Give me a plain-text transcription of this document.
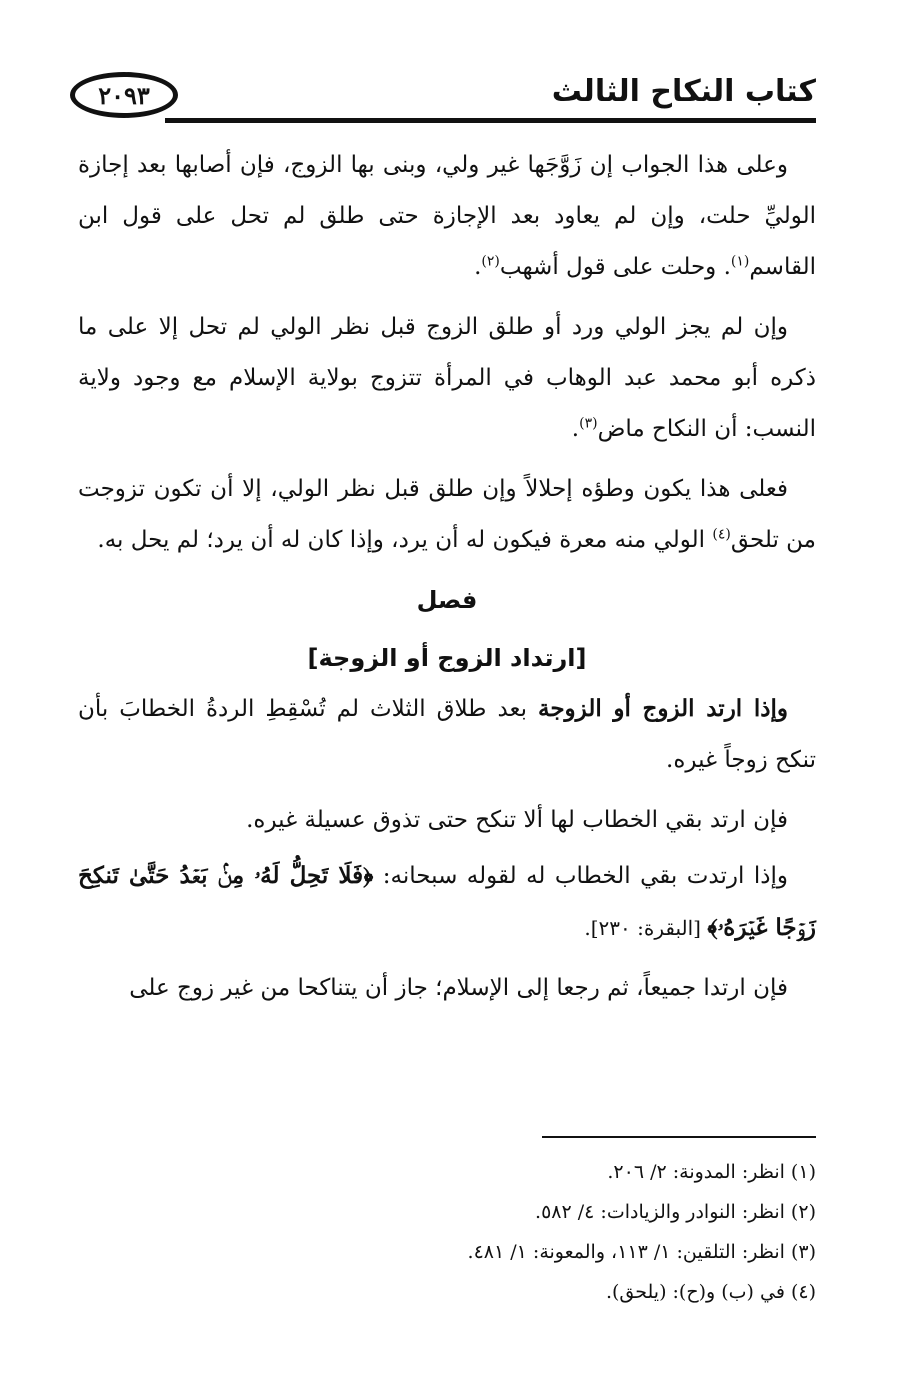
كتاب النكاح الثالث
٢٠٩٣

وعلى هذا الجواب إن زَوَّجَها غير ولي، وبنى بها الزوج، فإن أصابها بعد إجازة الوليِّ حلت، وإن لم يعاود بعد الإجازة حتى طلق لم تحل على قول ابن القاسم$^{(١)}$. وحلت على قول أشهب$^{(٢)}$.

وإن لم يجز الولي ورد أو طلق الزوج قبل نظر الولي لم تحل إلا على ما ذكره أبو محمد عبد الوهاب في المرأة تتزوج بولاية الإسلام مع وجود ولاية النسب: أن النكاح ماض$^{(٣)}$.

فعلى هذا يكون وطؤه إحلالاً وإن طلق قبل نظر الولي، إلا أن تكون تزوجت من تلحق$^{(٤)}$ الولي منه معرة فيكون له أن يرد، وإذا كان له أن يرد؛ لم يحل به.

فصل
[ارتداد الزوج أو الزوجة]

وإذا ارتد الزوج أو الزوجة بعد طلاق الثلاث لم تُسْقِطِ الردةُ الخطابَ بأن تنكح زوجاً غيره.

فإن ارتد بقي الخطاب لها ألا تنكح حتى تذوق عسيلة غيره.

وإذا ارتدت بقي الخطاب له لقوله سبحانه: ﴿فَلَا تَحِلُّ لَهُۥ مِنۢ بَعۡدُ حَتَّىٰ تَنكِحَ زَوۡجًا غَيۡرَهُۥ﴾ [البقرة: ٢٣٠].

فإن ارتدا جميعاً، ثم رجعا إلى الإسلام؛ جاز أن يتناكحا من غير زوج على

(١) انظر: المدونة: ٢/ ٢٠٦.

(٢) انظر: النوادر والزيادات: ٤/ ٥٨٢.

(٣) انظر: التلقين: ١/ ١١٣، والمعونة: ١/ ٤٨١.

(٤) في (ب) و(ح): (يلحق).
